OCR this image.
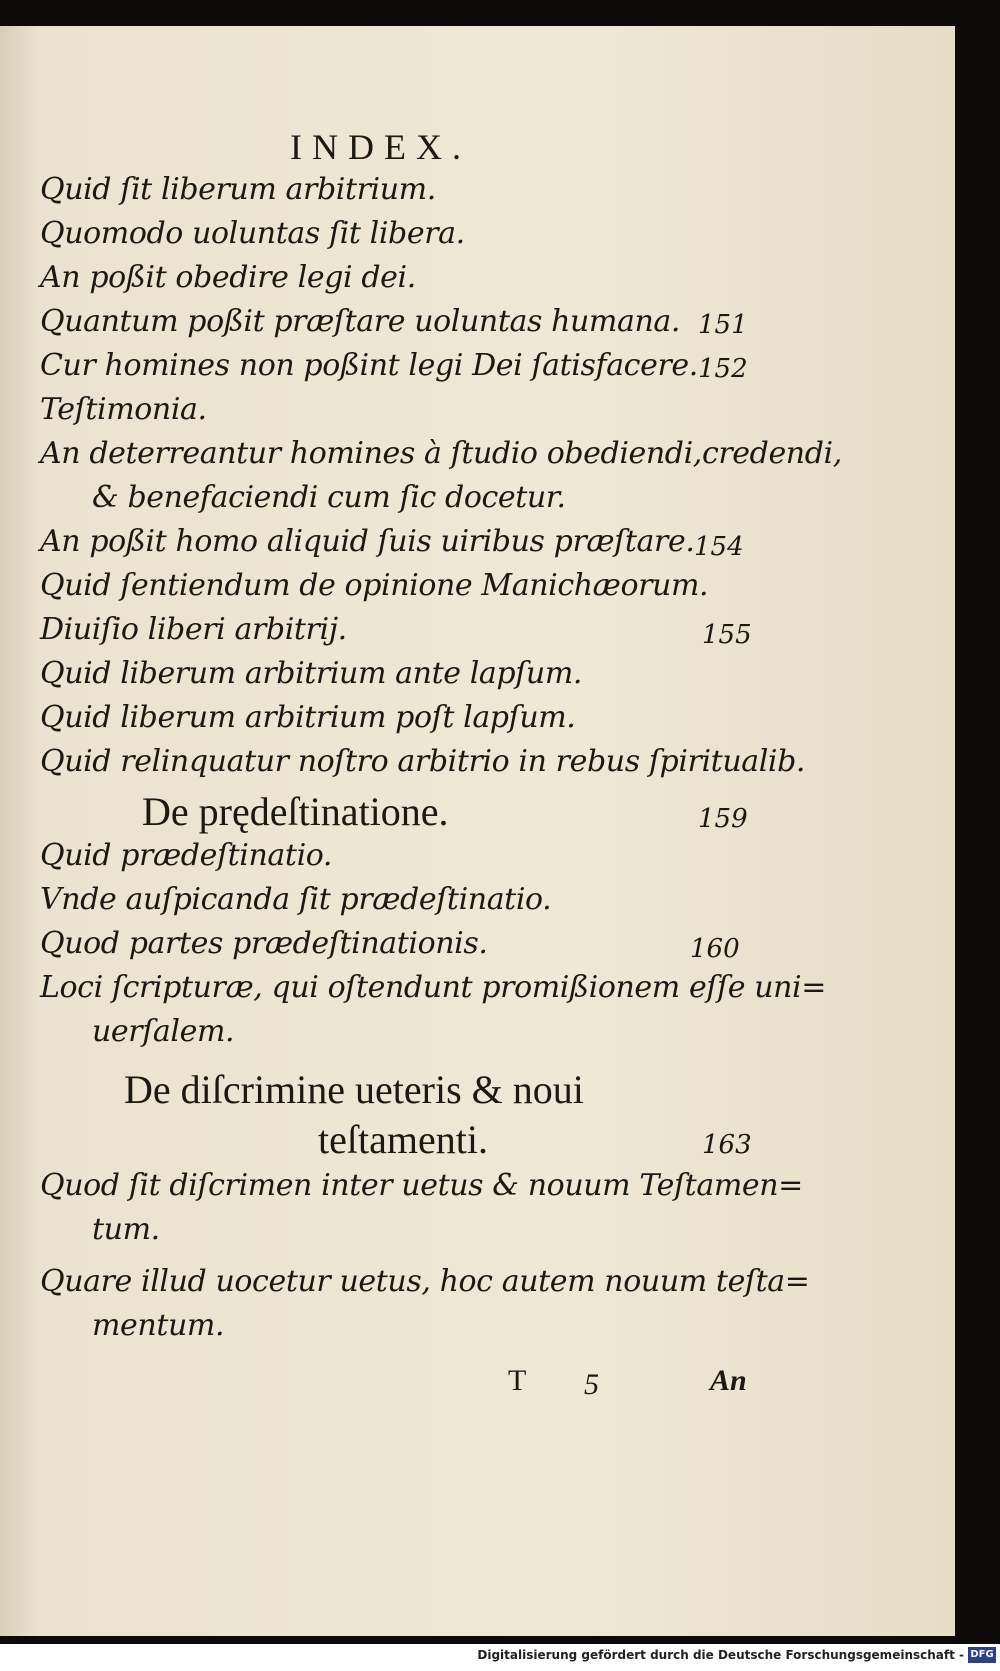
INDEX.
Quid ſit liberum arbitrium.
Quomodo uoluntas ſit libera.
An poßit obedire legi dei.
Quantum poßit præſtare uoluntas humana. 151
Cur homines non poßint legi Dei ſatisfacere. 152
Teſtimonia.
An deterreantur homines à ſtudio obediendi,credendi,
& benefaciendi cum ſic docetur.
An poßit homo aliquid ſuis uiribus præſtare. 154
Quid ſentiendum de opinione Manichæorum.
Diuiſio liberi arbitrij.	155
Quid liberum arbitrium ante lapſum.
Quid liberum arbitrium poſt lapſum.
Quid relinquatur noſtro arbitrio in rebus ſpiritualib.
De prędeſtinatione.	159
Quid prædeſtinatio.
Vnde auſpicanda ſit prædeſtinatio.
Quod partes prædeſtinationis.	160
Loci ſcripturæ, qui oſtendunt promißionem eſſe uni=
uerſalem.
De diſcrimine ueteris & noui
teſtamenti.	163
Quod ſit diſcrimen inter uetus & nouum Teſtamen=
tum.
Quare illud uocetur uetus, hoc autem nouum teſta=
mentum.
T 5	An
Digitalisierung gefördert durch die Deutsche Forschungsgemeinschaft - DFG
